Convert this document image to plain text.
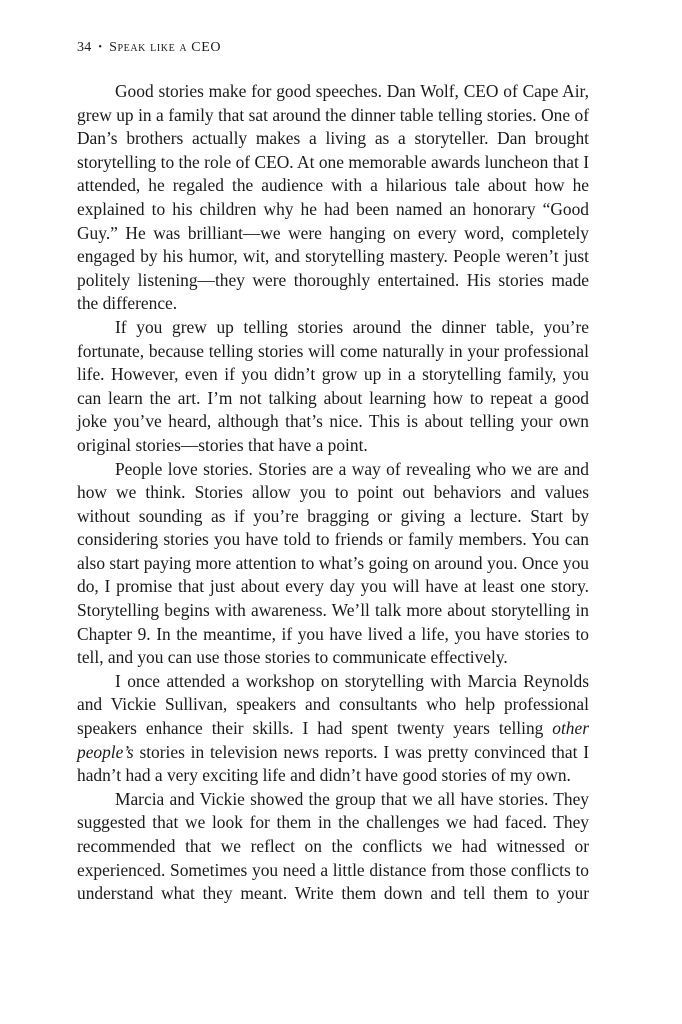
34 • Speak like a CEO

Good stories make for good speeches. Dan Wolf, CEO of Cape Air, grew up in a family that sat around the dinner table telling stories. One of Dan’s brothers actually makes a living as a storyteller. Dan brought storytelling to the role of CEO. At one memorable awards luncheon that I attended, he regaled the audience with a hilarious tale about how he explained to his children why he had been named an honorary “Good Guy.” He was brilliant—we were hanging on every word, completely engaged by his humor, wit, and storytelling mastery. People weren’t just politely listening—they were thoroughly entertained. His stories made the difference.

If you grew up telling stories around the dinner table, you’re fortunate, because telling stories will come naturally in your professional life. However, even if you didn’t grow up in a storytelling family, you can learn the art. I’m not talking about learning how to repeat a good joke you’ve heard, although that’s nice. This is about telling your own original stories—stories that have a point.

People love stories. Stories are a way of revealing who we are and how we think. Stories allow you to point out behaviors and values without sounding as if you’re bragging or giving a lecture. Start by considering stories you have told to friends or family members. You can also start paying more attention to what’s going on around you. Once you do, I promise that just about every day you will have at least one story. Storytelling begins with awareness. We’ll talk more about storytelling in Chapter 9. In the meantime, if you have lived a life, you have stories to tell, and you can use those stories to communicate effectively.

I once attended a workshop on storytelling with Marcia Reynolds and Vickie Sullivan, speakers and consultants who help professional speakers enhance their skills. I had spent twenty years telling other people’s stories in television news reports. I was pretty convinced that I hadn’t had a very exciting life and didn’t have good stories of my own.

Marcia and Vickie showed the group that we all have stories. They suggested that we look for them in the challenges we had faced. They recommended that we reflect on the conflicts we had witnessed or experienced. Sometimes you need a little distance from those conflicts to understand what they meant. Write them down and tell them to your
